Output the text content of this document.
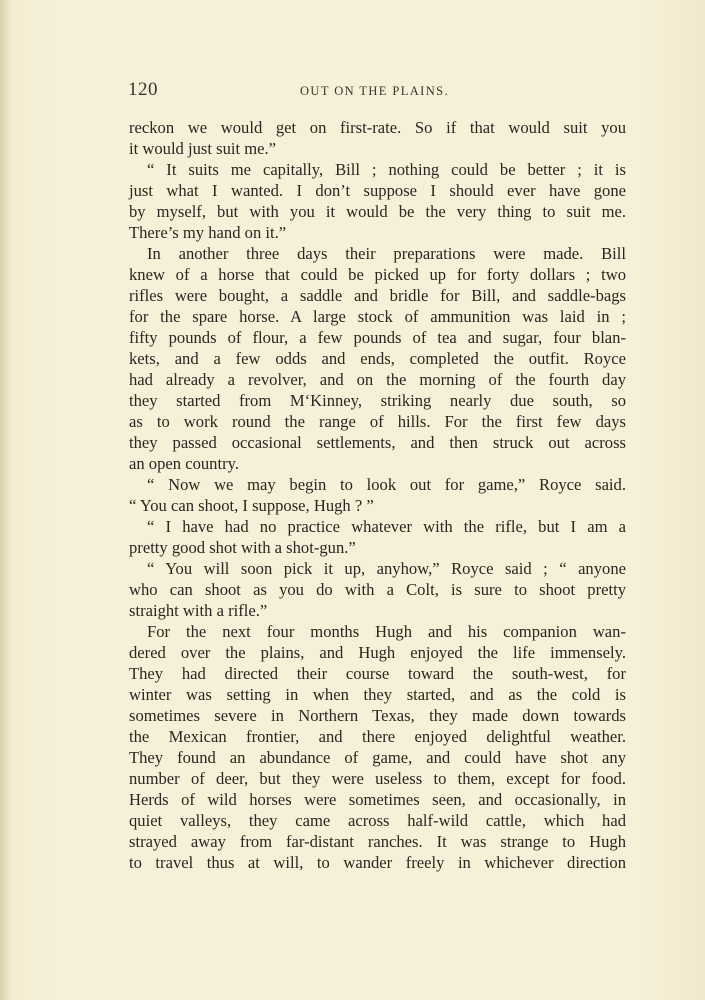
120	OUT ON THE PLAINS.
reckon we would get on first-rate. So if that would suit you
it would just suit me.”
“ It suits me capitally, Bill ; nothing could be better ; it is
just what I wanted. I don’t suppose I should ever have gone
by myself, but with you it would be the very thing to suit me.
There’s my hand on it.”
In another three days their preparations were made. Bill
knew of a horse that could be picked up for forty dollars ; two
rifles were bought, a saddle and bridle for Bill, and saddle-bags
for the spare horse. A large stock of ammunition was laid in ;
fifty pounds of flour, a few pounds of tea and sugar, four blan-
kets, and a few odds and ends, completed the outfit. Royce
had already a revolver, and on the morning of the fourth day
they started from M‘Kinney, striking nearly due south, so
as to work round the range of hills. For the first few days
they passed occasional settlements, and then struck out across
an open country.
“ Now we may begin to look out for game,” Royce said.
“ You can shoot, I suppose, Hugh ? ”
“ I have had no practice whatever with the rifle, but I am a
pretty good shot with a shot-gun.”
“ You will soon pick it up, anyhow,” Royce said ; “ anyone
who can shoot as you do with a Colt, is sure to shoot pretty
straight with a rifle.”
For the next four months Hugh and his companion wan-
dered over the plains, and Hugh enjoyed the life immensely.
They had directed their course toward the south-west, for
winter was setting in when they started, and as the cold is
sometimes severe in Northern Texas, they made down towards
the Mexican frontier, and there enjoyed delightful weather.
They found an abundance of game, and could have shot any
number of deer, but they were useless to them, except for food.
Herds of wild horses were sometimes seen, and occasionally, in
quiet valleys, they came across half-wild cattle, which had
strayed away from far-distant ranches. It was strange to Hugh
to travel thus at will, to wander freely in whichever direction
